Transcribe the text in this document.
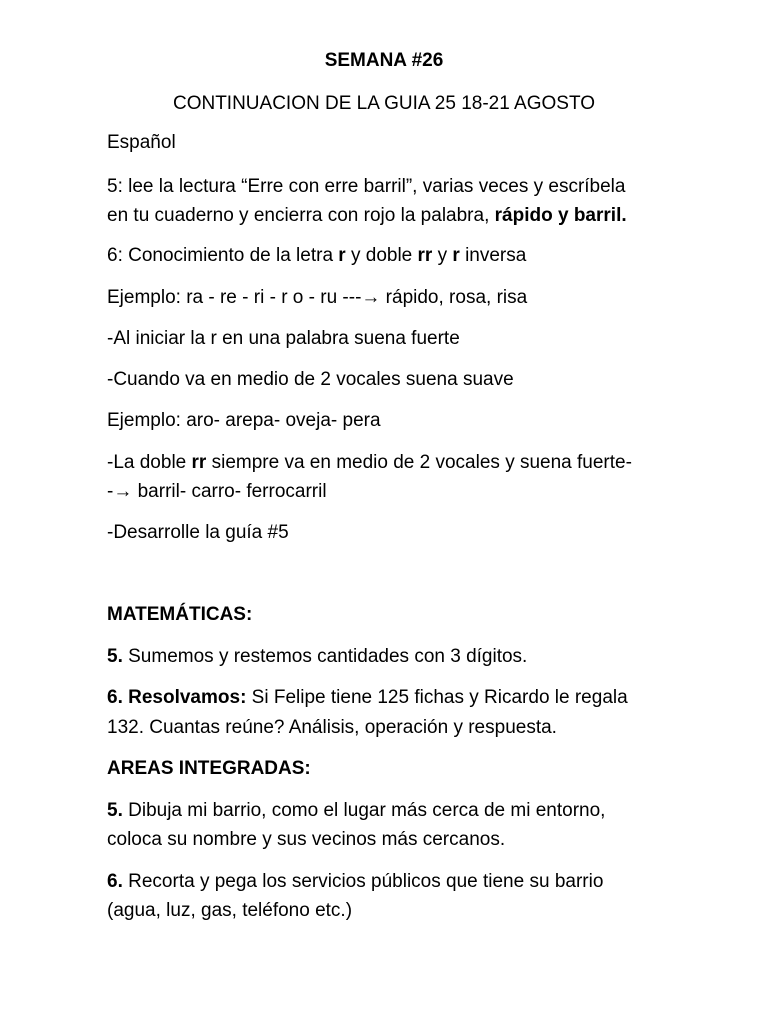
SEMANA #26
CONTINUACION DE LA GUIA 25 18-21 AGOSTO
Español
5: lee la lectura “Erre con erre barril”, varias veces y escríbela
en tu cuaderno y encierra con rojo la palabra, rápido y barril.
6: Conocimiento de la letra r y doble rr y r inversa
Ejemplo: ra - re - ri - r o - ru ---→ rápido, rosa, risa
-Al iniciar la r en una palabra suena fuerte
-Cuando va en medio de 2 vocales suena suave
Ejemplo: aro- arepa- oveja- pera
-La doble rr siempre va en medio de 2 vocales y suena fuerte-
-→ barril- carro- ferrocarril
-Desarrolle la guía #5
MATEMÁTICAS:
5. Sumemos y restemos cantidades con 3 dígitos.
6. Resolvamos: Si Felipe tiene 125 fichas y Ricardo le regala
132. Cuantas reúne? Análisis, operación y respuesta.
AREAS INTEGRADAS:
5. Dibuja mi barrio, como el lugar más cerca de mi entorno,
coloca su nombre y sus vecinos más cercanos.
6. Recorta y pega los servicios públicos que tiene su barrio
(agua, luz, gas, teléfono etc.)
